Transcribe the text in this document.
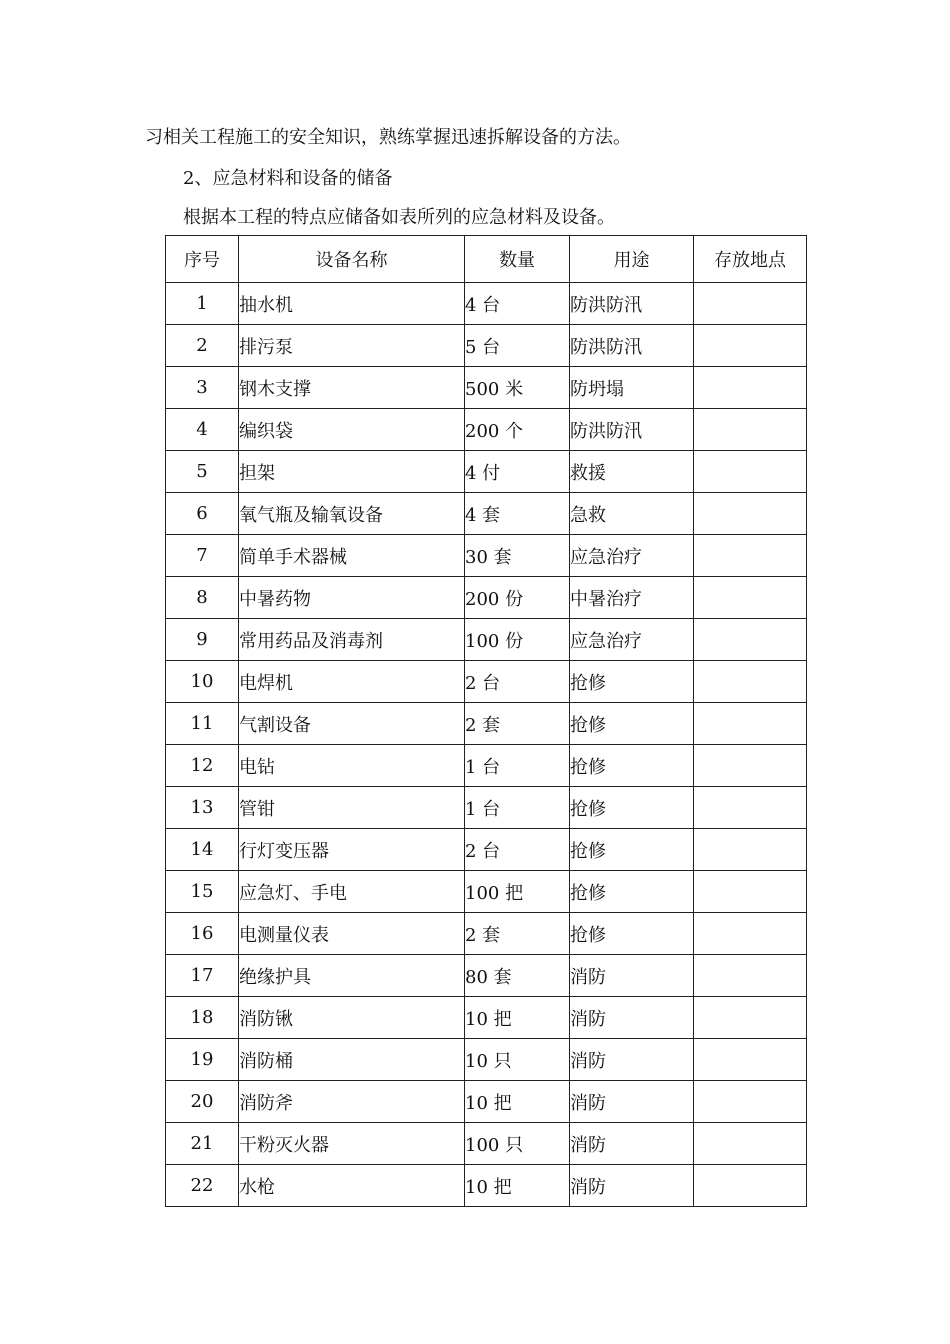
习相关工程施工的安全知识，熟练掌握迅速拆解设备的方法。
2、应急材料和设备的储备
根据本工程的特点应储备如表所列的应急材料及设备。
序号	设备名称	数量	用途	存放地点
1	抽水机	4 台	防洪防汛	
2	排污泵	5 台	防洪防汛	
3	钢木支撑	500 米	防坍塌	
4	编织袋	200 个	防洪防汛	
5	担架	4 付	救援	
6	氧气瓶及输氧设备	4 套	急救	
7	简单手术器械	30 套	应急治疗	
8	中暑药物	200 份	中暑治疗	
9	常用药品及消毒剂	100 份	应急治疗	
10	电焊机	2 台	抢修	
11	气割设备	2 套	抢修	
12	电钻	1 台	抢修	
13	管钳	1 台	抢修	
14	行灯变压器	2 台	抢修	
15	应急灯、手电	100 把	抢修	
16	电测量仪表	2 套	抢修	
17	绝缘护具	80 套	消防	
18	消防锹	10 把	消防	
19	消防桶	10 只	消防	
20	消防斧	10 把	消防	
21	干粉灭火器	100 只	消防	
22	水枪	10 把	消防	
